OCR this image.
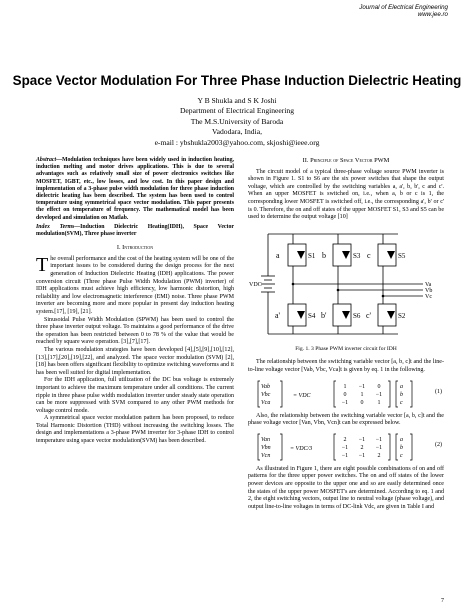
Journal of Electrical Engineering
www.jee.ro
Space Vector Modulation For Three Phase Induction Dielectric Heating
Y B Shukla and S K Joshi
Department of Electrical Engineering
The M.S.University of Baroda
Vadodara, India,
e-mail : ybshukla2003@yahoo.com, skjoshi@ieee.org

Abstract—Modulation techniques have been widely used in induction heating, induction melting and motor drives applications. This is due to several advantages such as relatively small size of power electronics switches like MOSFET, IGBT, etc., low losses, and low cost. In this paper design and implementation of a 3-phase pulse width modulation for three phase induction dielectric heating has been described. The system has been used to control temperature using symmetrical space vector modulation. This paper presents the effect on temperature of frequency. The mathematical model has been developed and simulation on Matlab.

Index Terms—Induction Dielectric Heating(IDH), Space Vector modulation(SVM), Three phase inverter

I. Introduction

The overall performance and the cost of the heating system will be one of the important issues to be considered during the design process for the next generation of Induction Dielectric Heating (IDH) applications. The power conversion circuit (Three phase Pulse Width Modulation (PWM) inverter) of IDH applications must achieve high efficiency, low harmonic distortion, high reliability and low electromagnetic interference (EMI) noise. Three phase PWM inverter are becoming more and more popular in present day induction heating system.[17], [19], [21].

Sinusoidal Pulse Width Modulation (SPWM) has been used to control the three phase inverter output voltage. To maintains a good performance of the drive the operation has been restricted between 0 to 78 % of the value that would be reached by square wave operation. [3],[7],[17].

The various modulation strategies have been developed [4],[5],[9],[10],[12],[13],[17],[20],[19],[22], and analyzed. The space vector modulation (SVM) [2],[18] has been offers significant flexibility to optimize switching waveforms and it has been well suited for digital implementation.

For the IDH application, full utilization of the DC bus voltage is extremely important to achieve the maximum temperature under all conditions. The current ripple in three phase pulse width modulation inverter under steady state operation can be more suppressed with SVM compared to any other PWM methods for voltage control mode.

A symmetrical space vector modulation pattern has been proposed, to reduce Total Harmonic Distortion (THD) without increasing the switching losses. The design and implementations a 3-phase PWM inverter for 3-phase IDH to control temperature using space vector modulation(SVM) has been described.

II. Principle of Space Vector PWM

The circuit model of a typical three-phase voltage source PWM inverter is shown in Figure 1. S1 to S6 are the six power switches that shape the output voltage, which are controlled by the switching variables a, a', b, b', c and c'. When an upper MOSFET is switched on, i.e., when a, b or c is 1, the corresponding lower MOSFET is switched off, i.e., the corresponding a', b' or c' is 0. Therefore, the on and off states of the upper MOSFET S1, S3 and S5 can be used to determine the output voltage [10]

a	b	c
a'	b'	c'
S1	S3	S5
S4	S6	S2
VDC	Va
Vb
Vc
Fig. 1. 3 Phase PWM inverter circuit for IDH

The relationship between the switching variable vector [a, b, c]t and the line-to-line voltage vector [Vab, Vbc, Vca]t is given by eq. 1 in the following.

Vab
Vbc
Vca
= VDC
a
b
c
1 −1 0
0 1 −1
−1 0 1
(1)

Also, the relationship between the switching variable vector [a, b, c]t and the phase voltage vector [Van, Vbn, Vcn]t can be expressed below.

Van
Vbn
Vcn
= VDC/3
a
b
c
2 −1 −1
−1 2 −1
−1 −1 2
(2)

As illustrated in Figure 1, there are eight possible combinations of on and off patterns for the three upper power switches. The on and off states of the lower power devices are opposite to the upper one and so are easily determined once the states of the upper power MOSFET's are determined. According to eq. 1 and 2, the eight switching vectors, output line to neutral voltage (phase voltage), and output line-to-line voltages in terms of DC-link Vdc, are given in Table I and

7
